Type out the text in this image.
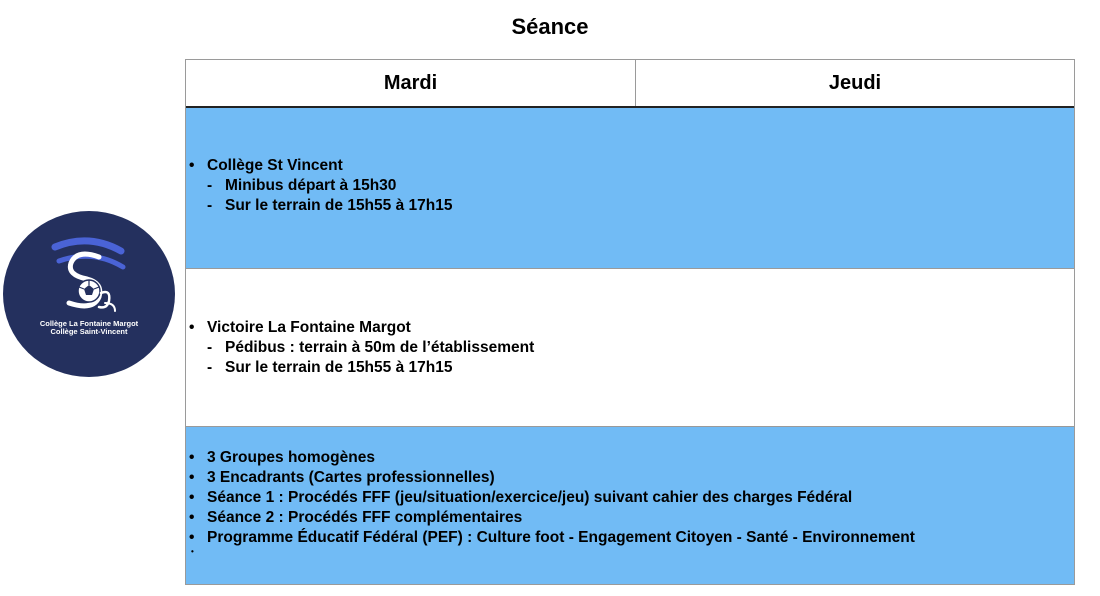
Séance
Collège La Fontaine Margot
Collège Saint-Vincent
Mardi	Jeudi
• Collège St Vincent
- Minibus départ à 15h30
- Sur le terrain de 15h55 à 17h15
• Victoire La Fontaine Margot
- Pédibus : terrain à 50m de l’établissement
- Sur le terrain de 15h55 à 17h15
• 3 Groupes homogènes
• 3 Encadrants (Cartes professionnelles)
• Séance 1 : Procédés FFF (jeu/situation/exercice/jeu) suivant cahier des charges Fédéral
• Séance 2 : Procédés FFF complémentaires
• Programme Éducatif Fédéral (PEF) : Culture foot - Engagement Citoyen - Santé - Environnement
•
